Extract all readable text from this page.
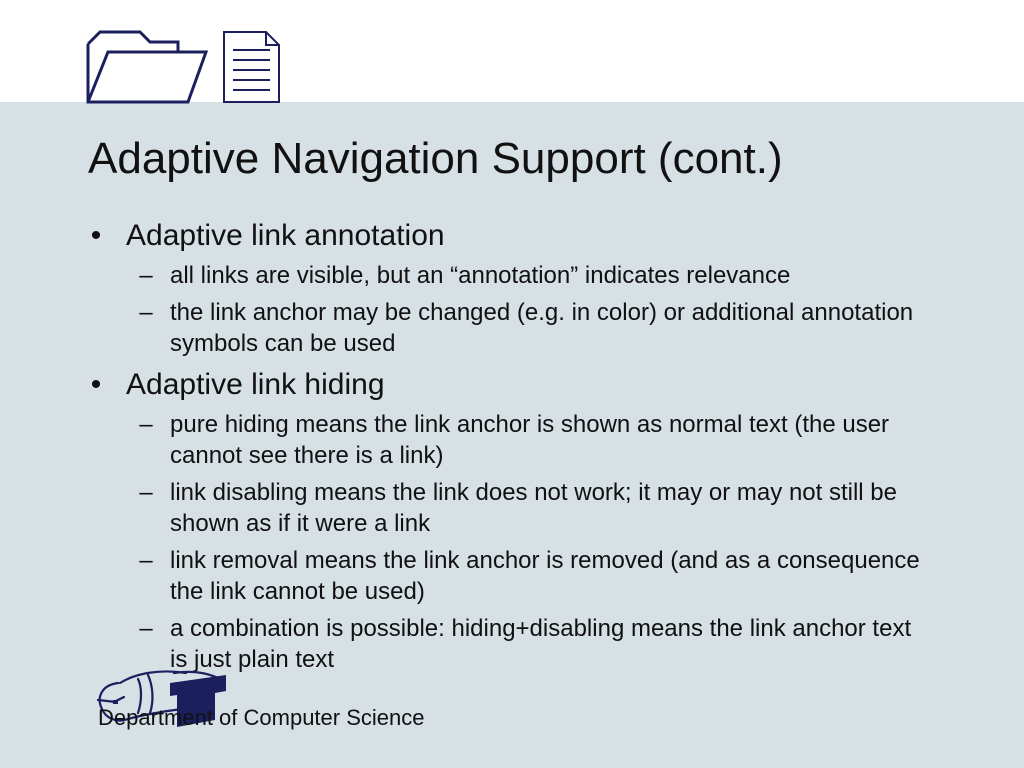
Adaptive Navigation Support (cont.)
• Adaptive link annotation
– all links are visible, but an “annotation” indicates relevance
– the link anchor may be changed (e.g. in color) or additional annotation symbols can be used
• Adaptive link hiding
– pure hiding means the link anchor is shown as normal text (the user cannot see there is a link)
– link disabling means the link does not work; it may or may not still be shown as if it were a link
– link removal means the link anchor is removed (and as a consequence the link cannot be used)
– a combination is possible: hiding+disabling means the link anchor text is just plain text

Department of Computer Science
